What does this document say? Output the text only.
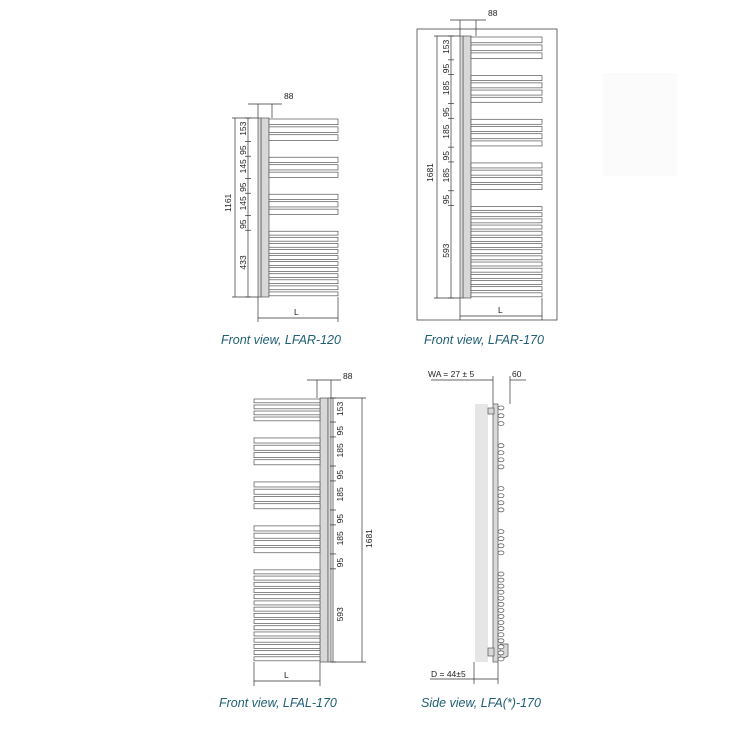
88
1161
153
95
145
95
145
95
433
L
88
1681
153
95
185
95
185
95
185
95
593
L
88
1681
153
95
185
95
185
95
185
95
593
L
WA = 27 ± 5	60
D = 44±5
Front view, LFAR-120	Front view, LFAR-170
Front view, LFAL-170	Side view, LFA(*)-170
